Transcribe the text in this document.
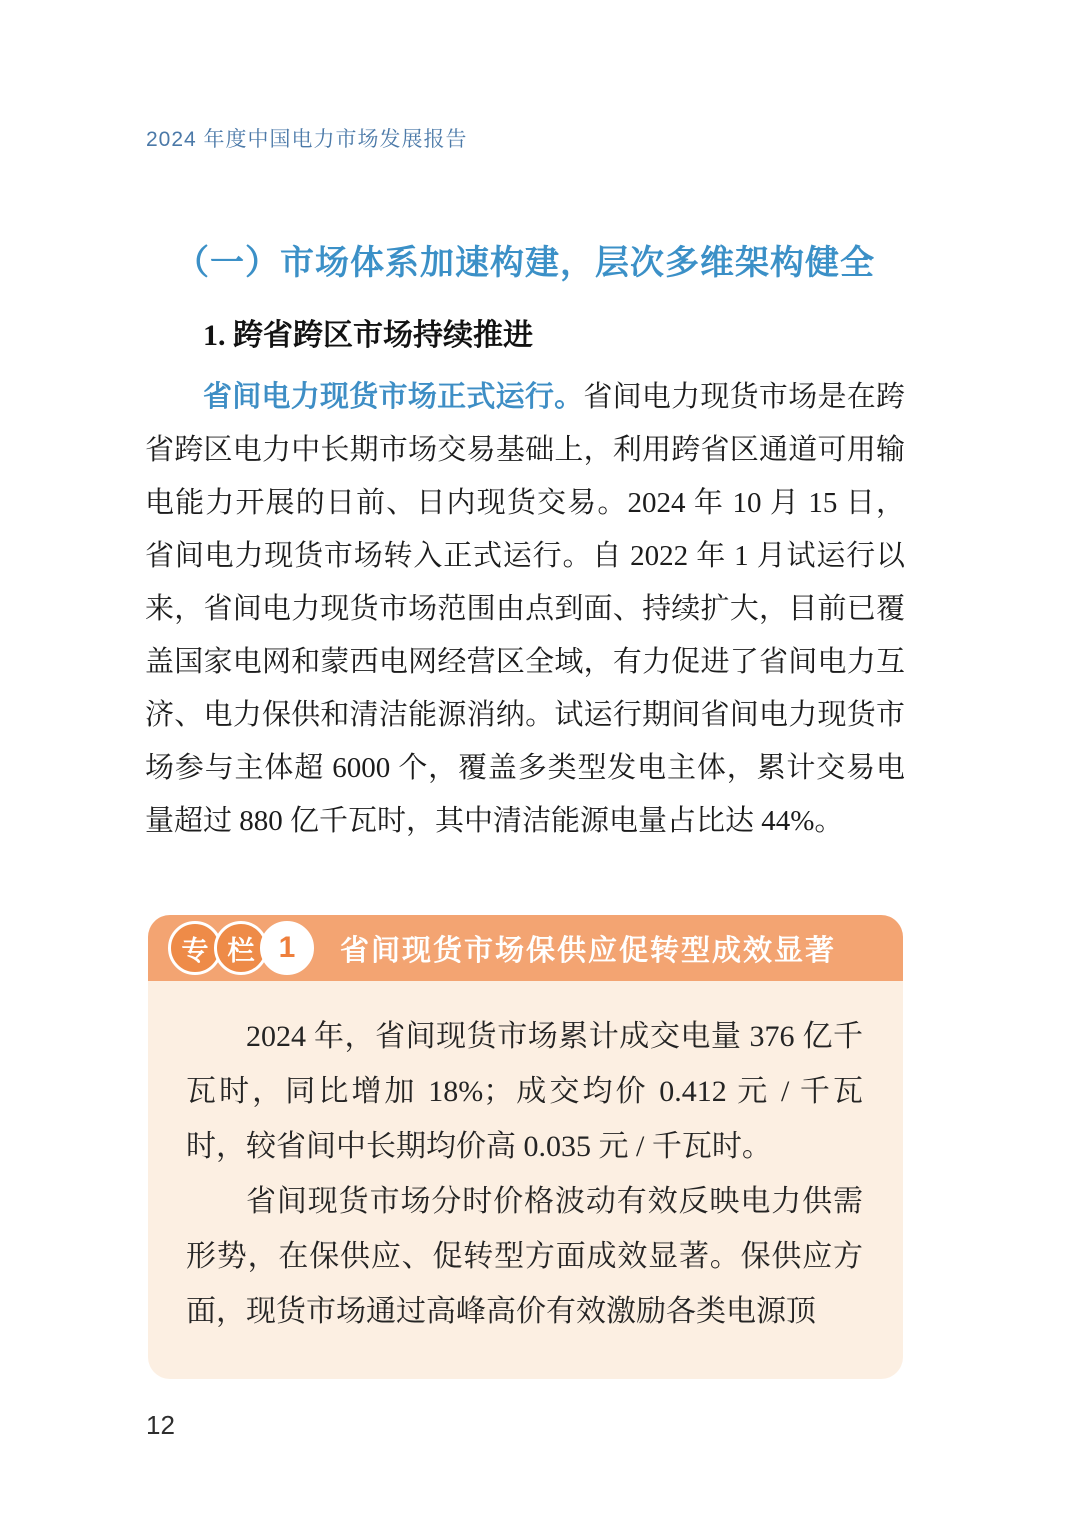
2024 年度中国电力市场发展报告
（一）市场体系加速构建，层次多维架构健全
1. 跨省跨区市场持续推进

省间电力现货市场正式运行。省间电力现货市场是在跨省跨区电力中长期市场交易基础上，利用跨省区通道可用输电能力开展的日前、日内现货交易。2024 年 10 月 15 日，省间电力现货市场转入正式运行。自 2022 年 1 月试运行以来，省间电力现货市场范围由点到面、持续扩大，目前已覆盖国家电网和蒙西电网经营区全域，有力促进了省间电力互济、电力保供和清洁能源消纳。试运行期间省间电力现货市场参与主体超 6000 个，覆盖多类型发电主体，累计交易电量超过 880 亿千瓦时，其中清洁能源电量占比达 44%。

专 栏 1	省间现货市场保供应促转型成效显著

2024 年，省间现货市场累计成交电量 376 亿千瓦时，同比增加 18%；成交均价 0.412 元 / 千瓦时，较省间中长期均价高 0.035 元 / 千瓦时。

省间现货市场分时价格波动有效反映电力供需形势，在保供应、促转型方面成效显著。保供应方面，现货市场通过高峰高价有效激励各类电源顶

12
